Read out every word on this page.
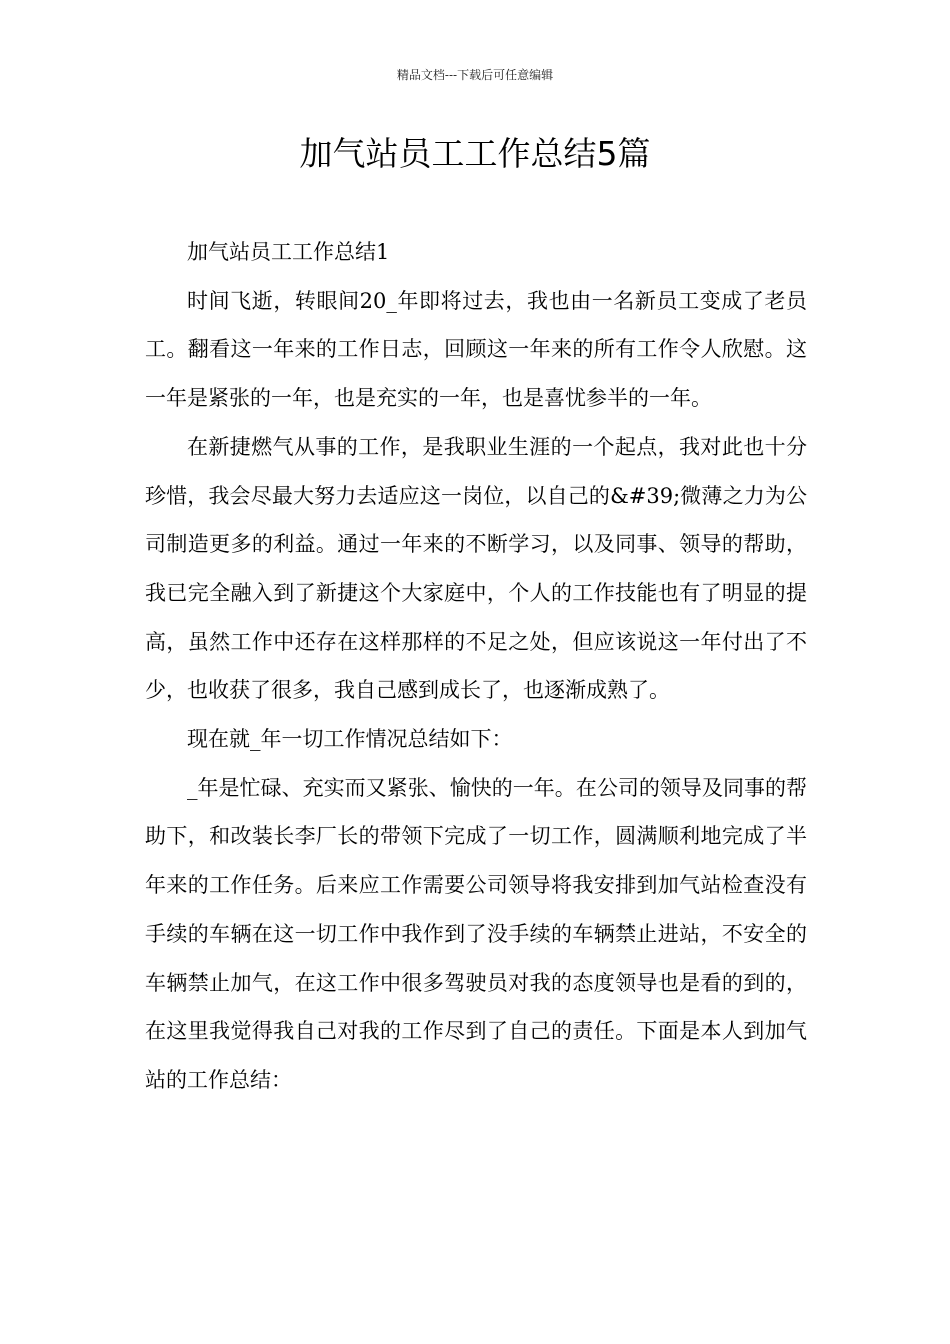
精品文档---下载后可任意编辑

加气站员工工作总结5篇

加气站员工工作总结1

时间飞逝，转眼间20_年即将过去，我也由一名新员工变成了老员工。翻看这一年来的工作日志，回顾这一年来的所有工作令人欣慰。这一年是紧张的一年，也是充实的一年，也是喜忧参半的一年。

在新捷燃气从事的工作，是我职业生涯的一个起点，我对此也十分珍惜，我会尽最大努力去适应这一岗位，以自己的&#39;微薄之力为公司制造更多的利益。通过一年来的不断学习，以及同事、领导的帮助，我已完全融入到了新捷这个大家庭中，个人的工作技能也有了明显的提高，虽然工作中还存在这样那样的不足之处，但应该说这一年付出了不少，也收获了很多，我自己感到成长了，也逐渐成熟了。

现在就_年一切工作情况总结如下：

_年是忙碌、充实而又紧张、愉快的一年。在公司的领导及同事的帮助下，和改装长李厂长的带领下完成了一切工作，圆满顺利地完成了半年来的工作任务。后来应工作需要公司领导将我安排到加气站检查没有手续的车辆在这一切工作中我作到了没手续的车辆禁止进站，不安全的车辆禁止加气，在这工作中很多驾驶员对我的态度领导也是看的到的，在这里我觉得我自己对我的工作尽到了自己的责任。下面是本人到加气站的工作总结：
